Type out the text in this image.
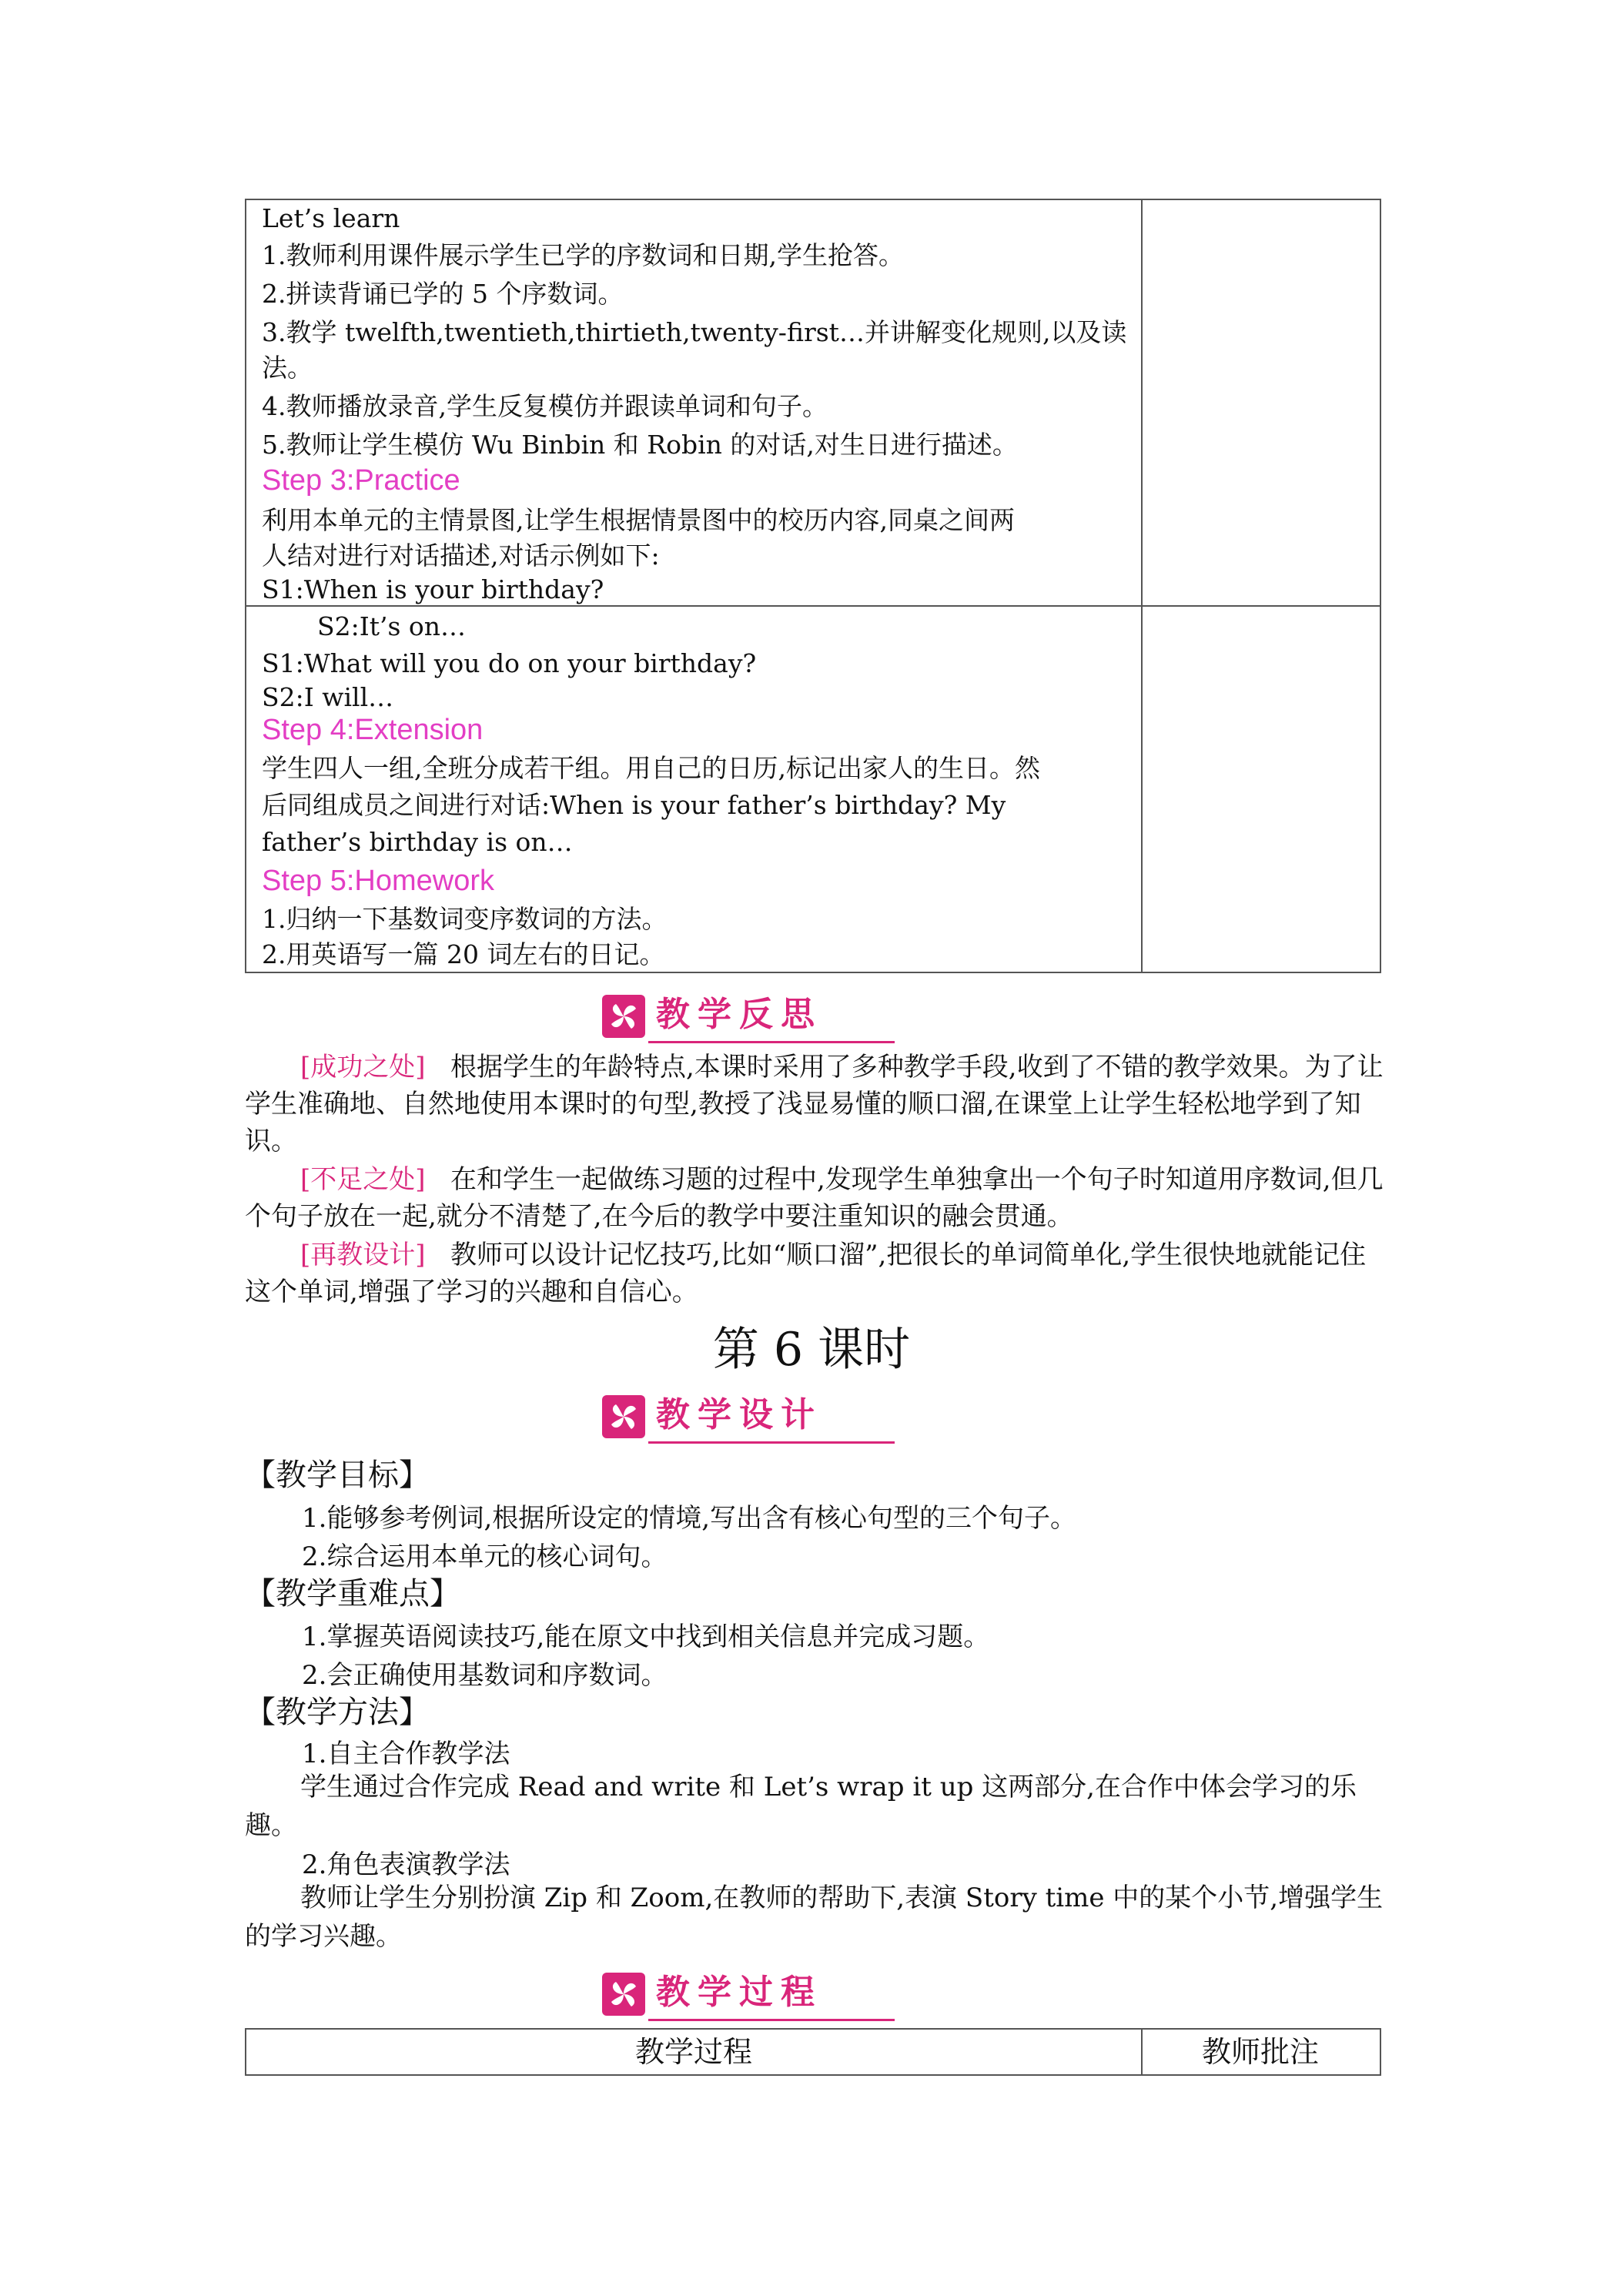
Let’s learn
1.教师利用课件展示学生已学的序数词和日期,学生抢答。
2.拼读背诵已学的 5 个序数词。
3.教学 twelfth,twentieth,thirtieth,twenty-first…并讲解变化规则,以及读
法。
4.教师播放录音,学生反复模仿并跟读单词和句子。
5.教师让学生模仿 Wu Binbin 和 Robin 的对话,对生日进行描述。
Step 3:Practice
利用本单元的主情景图,让学生根据情景图中的校历内容,同桌之间两
人结对进行对话描述,对话示例如下:
S1:When is your birthday?
S2:It’s on…
S1:What will you do on your birthday?
S2:I will…
Step 4:Extension
学生四人一组,全班分成若干组。用自己的日历,标记出家人的生日。然
后同组成员之间进行对话:When is your father’s birthday? My
father’s birthday is on…
Step 5:Homework
1.归纳一下基数词变序数词的方法。
2.用英语写一篇 20 词左右的日记。
教学反思
[成功之处] 根据学生的年龄特点,本课时采用了多种教学手段,收到了不错的教学效果。为了让学生准确地、自然地使用本课时的句型,教授了浅显易懂的顺口溜,在课堂上让学生轻松地学到了知识。
[不足之处] 在和学生一起做练习题的过程中,发现学生单独拿出一个句子时知道用序数词,但几个句子放在一起,就分不清楚了,在今后的教学中要注重知识的融会贯通。
[再教设计] 教师可以设计记忆技巧,比如“顺口溜”,把很长的单词简单化,学生很快地就能记住这个单词,增强了学习的兴趣和自信心。
第 6 课时
教学设计
【教学目标】
1.能够参考例词,根据所设定的情境,写出含有核心句型的三个句子。
2.综合运用本单元的核心词句。
【教学重难点】
1.掌握英语阅读技巧,能在原文中找到相关信息并完成习题。
2.会正确使用基数词和序数词。
【教学方法】
1.自主合作教学法
学生通过合作完成 Read and write 和 Let’s wrap it up 这两部分,在合作中体会学习的乐趣。
2.角色表演教学法
教师让学生分别扮演 Zip 和 Zoom,在教师的帮助下,表演 Story time 中的某个小节,增强学生的学习兴趣。
教学过程
教学过程	教师批注
